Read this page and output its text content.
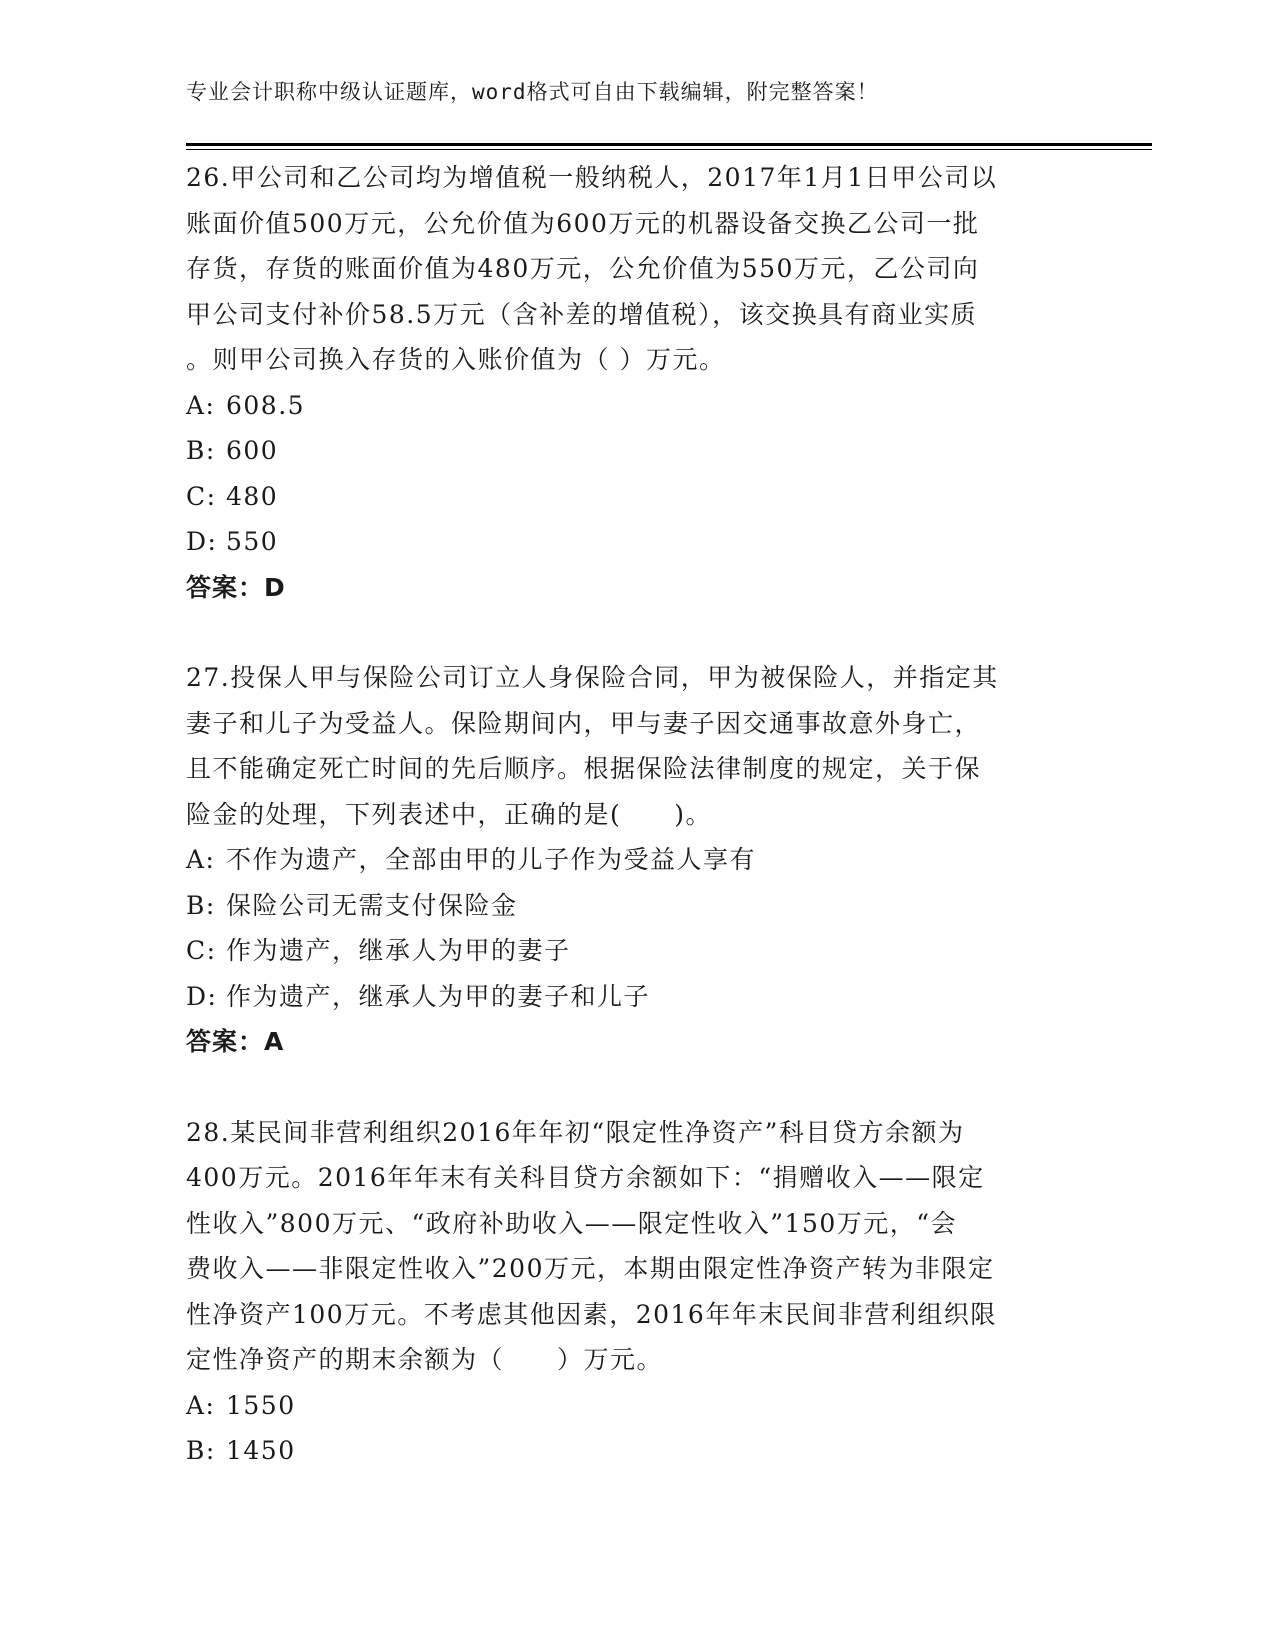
专业会计职称中级认证题库，word格式可自由下载编辑，附完整答案！
26.甲公司和乙公司均为增值税一般纳税人，2017年1月1日甲公司以
账面价值500万元，公允价值为600万元的机器设备交换乙公司一批
存货，存货的账面价值为480万元，公允价值为550万元，乙公司向
甲公司支付补价58.5万元（含补差的增值税），该交换具有商业实质
。则甲公司换入存货的入账价值为（ ）万元。
A: 608.5
B: 600
C: 480
D: 550
答案：D
27.投保人甲与保险公司订立人身保险合同，甲为被保险人，并指定其
妻子和儿子为受益人。保险期间内，甲与妻子因交通事故意外身亡，
且不能确定死亡时间的先后顺序。根据保险法律制度的规定，关于保
险金的处理，下列表述中，正确的是(　　)。
A: 不作为遗产，全部由甲的儿子作为受益人享有
B: 保险公司无需支付保险金
C: 作为遗产，继承人为甲的妻子
D: 作为遗产，继承人为甲的妻子和儿子
答案：A
28.某民间非营利组织2016年年初“限定性净资产”科目贷方余额为
400万元。2016年年末有关科目贷方余额如下：“捐赠收入——限定
性收入”800万元、“政府补助收入——限定性收入”150万元，“会
费收入——非限定性收入”200万元，本期由限定性净资产转为非限定
性净资产100万元。不考虑其他因素，2016年年末民间非营利组织限
定性净资产的期末余额为（　　）万元。
A: 1550
B: 1450
